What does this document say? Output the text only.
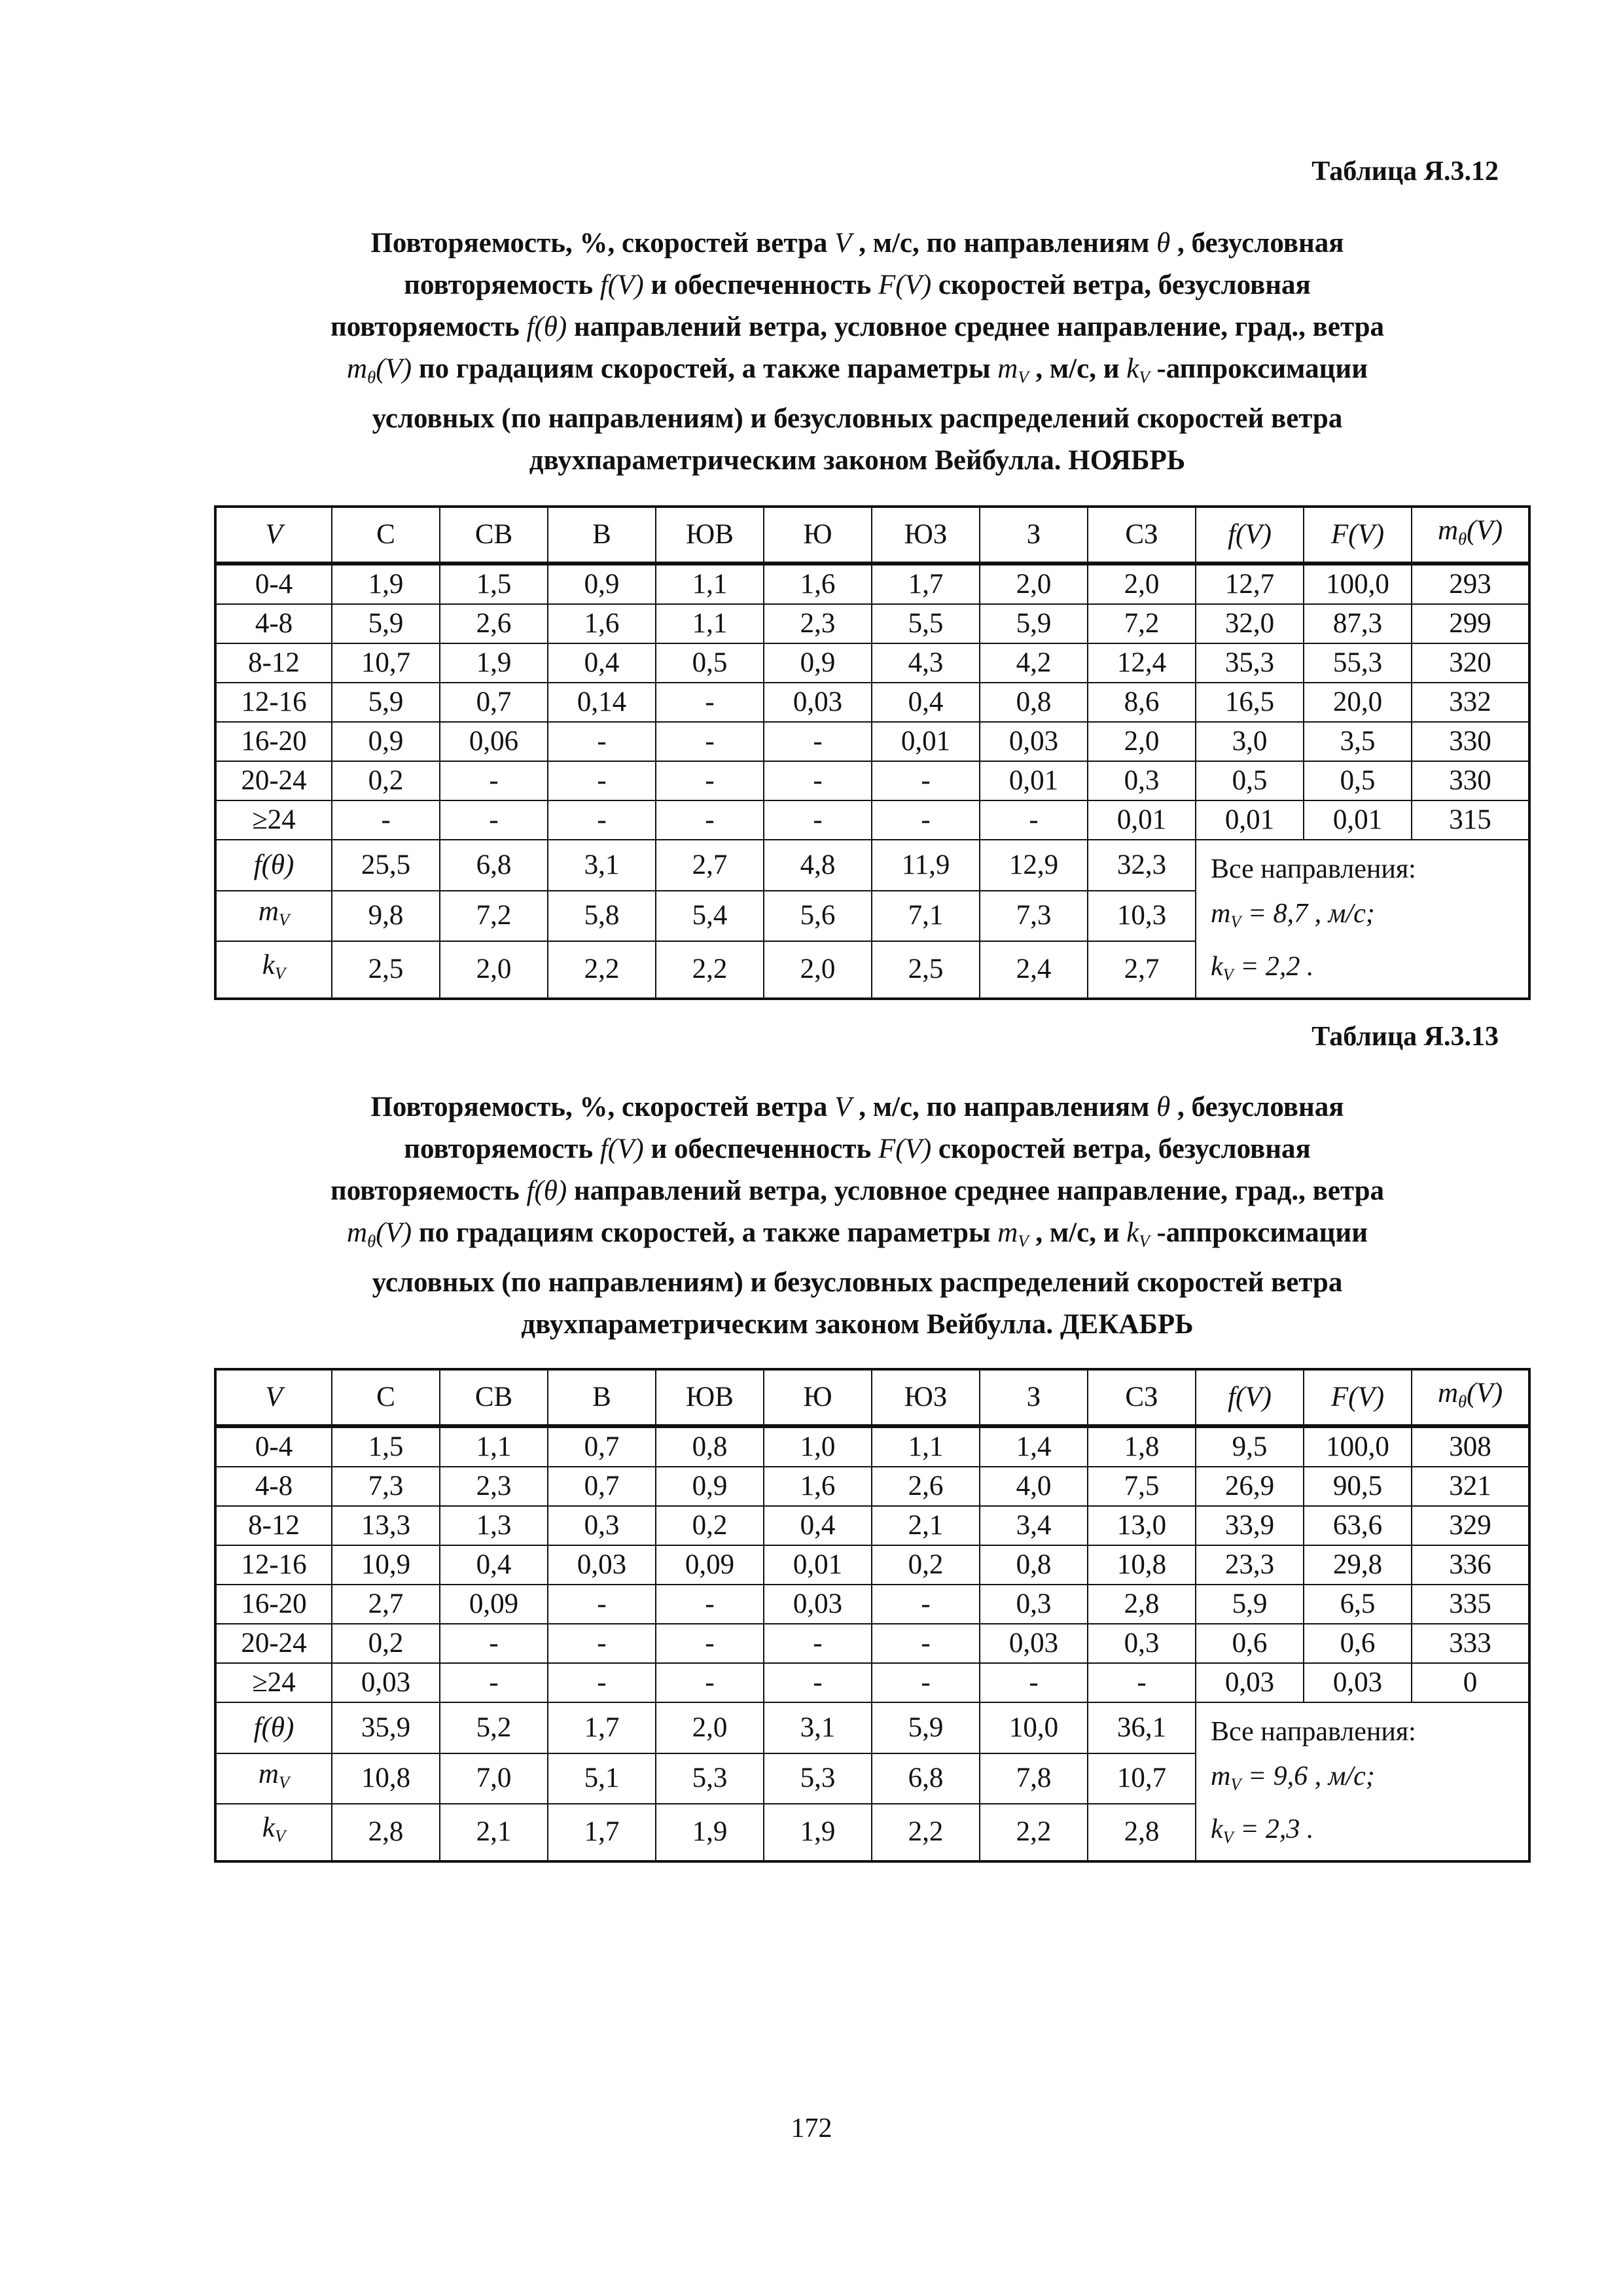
Таблица Я.3.12
Повторяемость, %, скоростей ветра V , м/с, по направлениям θ , безусловная
повторяемость f(V) и обеспеченность F(V) скоростей ветра, безусловная
повторяемость f(θ) направлений ветра, условное среднее направление, град., ветра
$m_\theta(V)$ по градациям скоростей, а также параметры $m_V$ , м/с, и $k_V$ -аппроксимации
условных (по направлениям) и безусловных распределений скоростей ветра
двухпараметрическим законом Вейбулла. НОЯБРЬ
V	С	СВ	В	ЮВ	Ю	ЮЗ	З	СЗ	f(V)	F(V)	$m_\theta(V)$
0-4	1,9	1,5	0,9	1,1	1,6	1,7	2,0	2,0	12,7	100,0	293
4-8	5,9	2,6	1,6	1,1	2,3	5,5	5,9	7,2	32,0	87,3	299
8-12	10,7	1,9	0,4	0,5	0,9	4,3	4,2	12,4	35,3	55,3	320
12-16	5,9	0,7	0,14	-	0,03	0,4	0,8	8,6	16,5	20,0	332
16-20	0,9	0,06	-	-	-	0,01	0,03	2,0	3,0	3,5	330
20-24	0,2	-	-	-	-	-	0,01	0,3	0,5	0,5	330
≥24	-	-	-	-	-	-	-	0,01	0,01	0,01	315
f(θ)	25,5	6,8	3,1	2,7	4,8	11,9	12,9	32,3	Все направления:
$m_V = 8,7$ , м/с;
$k_V = 2,2$ .		

$m_V$	9,8	7,2	5,8	5,4	5,6	7,1	7,3	10,3			
$k_V$	2,5	2,0	2,2	2,2	2,0	2,5	2,4	2,7			
Таблица Я.3.13
Повторяемость, %, скоростей ветра V , м/с, по направлениям θ , безусловная
повторяемость f(V) и обеспеченность F(V) скоростей ветра, безусловная
повторяемость f(θ) направлений ветра, условное среднее направление, град., ветра
$m_\theta(V)$ по градациям скоростей, а также параметры $m_V$ , м/с, и $k_V$ -аппроксимации
условных (по направлениям) и безусловных распределений скоростей ветра
двухпараметрическим законом Вейбулла. ДЕКАБРЬ
V	С	СВ	В	ЮВ	Ю	ЮЗ	З	СЗ	f(V)	F(V)	$m_\theta(V)$
0-4	1,5	1,1	0,7	0,8	1,0	1,1	1,4	1,8	9,5	100,0	308
4-8	7,3	2,3	0,7	0,9	1,6	2,6	4,0	7,5	26,9	90,5	321
8-12	13,3	1,3	0,3	0,2	0,4	2,1	3,4	13,0	33,9	63,6	329
12-16	10,9	0,4	0,03	0,09	0,01	0,2	0,8	10,8	23,3	29,8	336
16-20	2,7	0,09	-	-	0,03	-	0,3	2,8	5,9	6,5	335
20-24	0,2	-	-	-	-	-	0,03	0,3	0,6	0,6	333
≥24	0,03	-	-	-	-	-	-	-	0,03	0,03	0
f(θ)	35,9	5,2	1,7	2,0	3,1	5,9	10,0	36,1	Все направления:
$m_V = 9,6$ , м/с;
$k_V = 2,3$ .		

$m_V$	10,8	7,0	5,1	5,3	5,3	6,8	7,8	10,7			
$k_V$	2,8	2,1	1,7	1,9	1,9	2,2	2,2	2,8			
172
